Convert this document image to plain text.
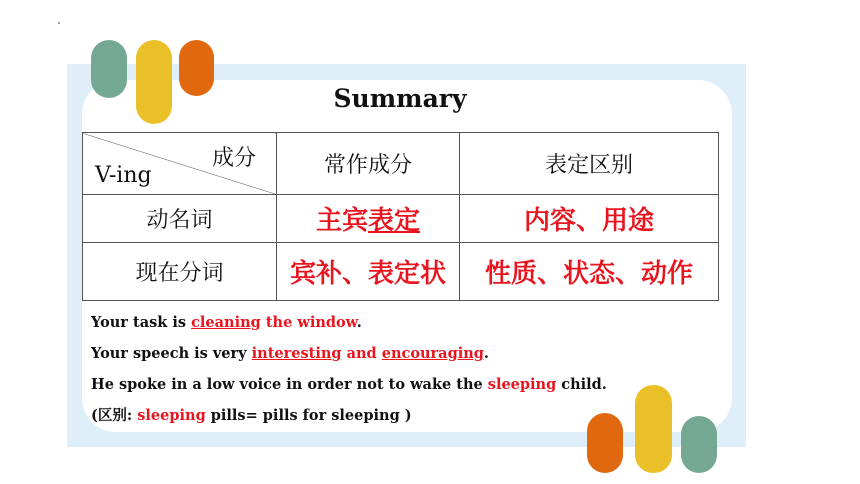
Summary
成分
V-ing	常作成分	表定区别
动名词	主宾表定	内容、用途
现在分词	宾补、表定状	性质、状态、动作
Your task is cleaning the window.
Your speech is very interesting and encouraging.
He spoke in a low voice in order not to wake the sleeping child.
(区别: sleeping pills= pills for sleeping )
